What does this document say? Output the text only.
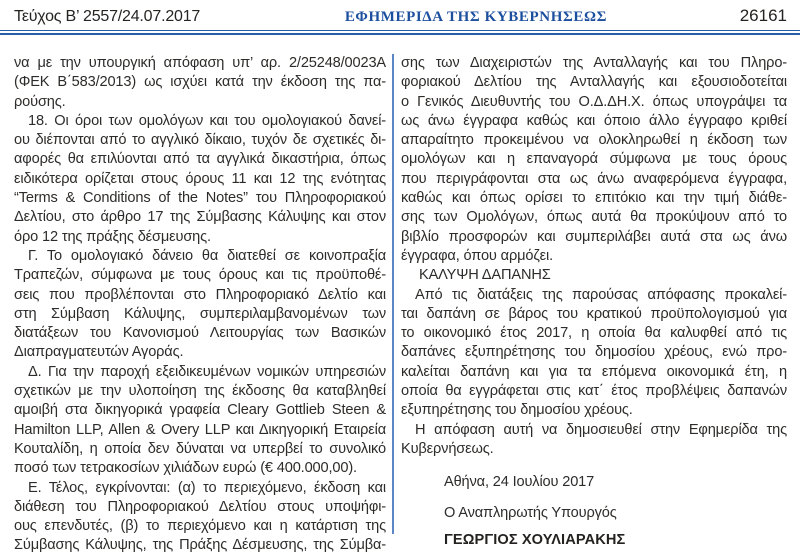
Τεύχος Β’ 2557/24.07.2017	ΕΦΗΜΕΡΙΔΑ ΤΗΣ ΚΥΒΕΡΝΗΣΕΩΣ	26161
να με την υπουργική απόφαση υπ’ αρ. 2/25248/0023Α
(ΦΕΚ Β΄583/2013) ως ισχύει κατά την έκδοση της πα-
ρούσης.
18. Οι όροι των ομολόγων και του ομολογιακού δανεί-
ου διέπονται από το αγγλικό δίκαιο, τυχόν δε σχετικές δι-
αφορές θα επιλύονται από τα αγγλικά δικαστήρια, όπως
ειδικότερα ορίζεται στους όρους 11 και 12 της ενότητας
“Terms & Conditions of the Notes” του Πληροφοριακού
Δελτίου, στο άρθρο 17 της Σύμβασης Κάλυψης και στον
όρο 12 της πράξης δέσμευσης.
Γ. Το ομολογιακό δάνειο θα διατεθεί σε κοινοπραξία
Τραπεζών, σύμφωνα με τους όρους και τις προϋποθέ-
σεις που προβλέπονται στο Πληροφοριακό Δελτίο και
στη Σύμβαση Κάλυψης, συμπεριλαμβανομένων των
διατάξεων του Κανονισμού Λειτουργίας των Βασικών
Διαπραγματευτών Αγοράς.
Δ. Για την παροχή εξειδικευμένων νομικών υπηρεσιών
σχετικών με την υλοποίηση της έκδοσης θα καταβληθεί
αμοιβή στα δικηγορικά γραφεία Cleary Gottlieb Steen &
Hamilton LLP, Allen & Overy LLP και Δικηγορική Εταιρεία
Κουταλίδη, η οποία δεν δύναται να υπερβεί το συνολικό
ποσό των τετρακοσίων χιλιάδων ευρώ (€ 400.000,00).
Ε. Τέλος, εγκρίνονται: (α) το περιεχόμενο, έκδοση και
διάθεση του Πληροφοριακού Δελτίου στους υποψήφι-
ους επενδυτές, (β) το περιεχόμενο και η κατάρτιση της
Σύμβασης Κάλυψης, της Πράξης Δέσμευσης, της Σύμβα-
σης των Διαχειριστών της Ανταλλαγής και του Πληρο-
φοριακού Δελτίου της Ανταλλαγής και εξουσιοδοτείται
ο Γενικός Διευθυντής του Ο.Δ.ΔΗ.Χ. όπως υπογράψει τα
ως άνω έγγραφα καθώς και όποιο άλλο έγγραφο κριθεί
απαραίτητο προκειμένου να ολοκληρωθεί η έκδοση των
ομολόγων και η επαναγορά σύμφωνα με τους όρους
που περιγράφονται στα ως άνω αναφερόμενα έγγραφα,
καθώς και όπως ορίσει το επιτόκιο και την τιμή διάθε-
σης των Ομολόγων, όπως αυτά θα προκύψουν από το
βιβλίο προσφορών και συμπεριλάβει αυτά στα ως άνω
έγγραφα, όπου αρμόζει.
ΚΑΛΥΨΗ ΔΑΠΑΝΗΣ
Από τις διατάξεις της παρούσας απόφασης προκαλεί-
ται δαπάνη σε βάρος του κρατικού προϋπολογισμού για
το οικονομικό έτος 2017, η οποία θα καλυφθεί από τις
δαπάνες εξυπηρέτησης του δημοσίου χρέους, ενώ προ-
καλείται δαπάνη και για τα επόμενα οικονομικά έτη, η
οποία θα εγγράφεται στις κατ΄ έτος προβλέψεις δαπανών
εξυπηρέτησης του δημοσίου χρέους.
Η απόφαση αυτή να δημοσιευθεί στην Εφημερίδα της
Κυβερνήσεως.
Αθήνα, 24 Ιουλίου 2017
Ο Αναπληρωτής Υπουργός
ΓΕΩΡΓΙΟΣ ΧΟΥΛΙΑΡΑΚΗΣ
